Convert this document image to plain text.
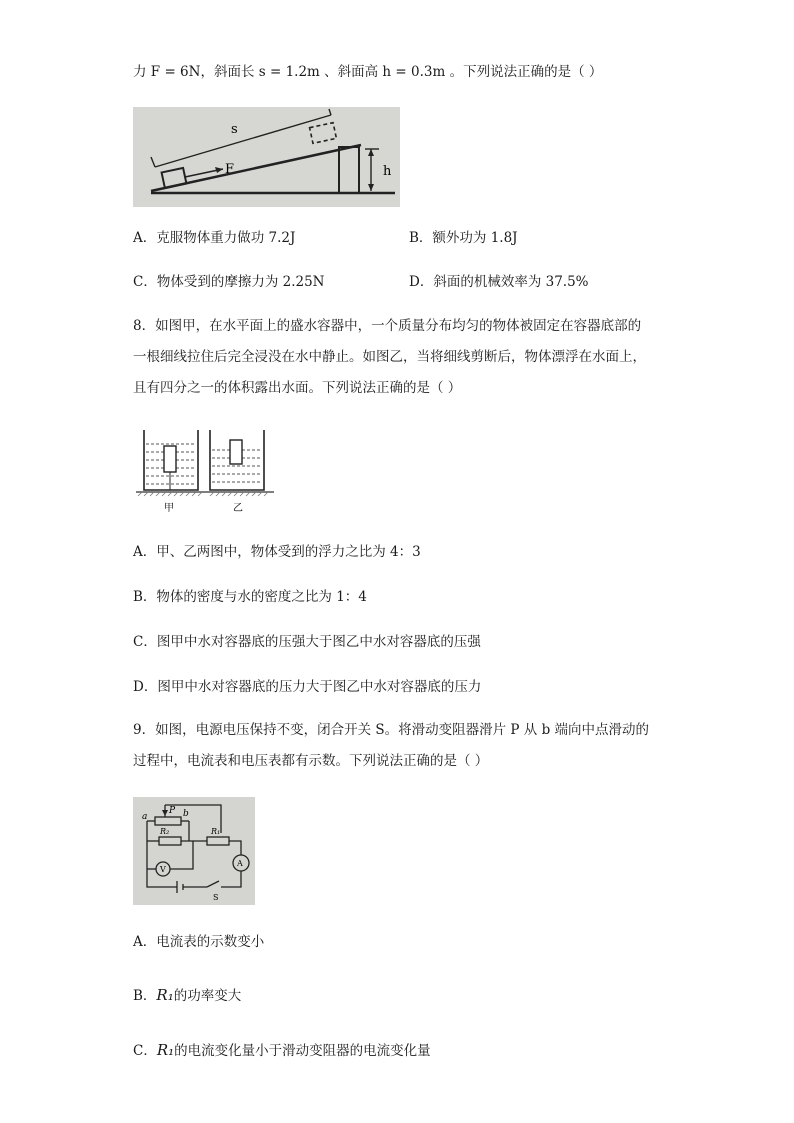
力 F = 6N，斜面长 s = 1.2m 、斜面高 h = 0.3m 。下列说法正确的是（ ）
s
F	h
A．克服物体重力做功 7.2J	B．额外功为 1.8J
C．物体受到的摩擦力为 2.25N	D．斜面的机械效率为 37.5%
8．如图甲，在水平面上的盛水容器中，一个质量分布均匀的物体被固定在容器底部的
一根细线拉住后完全浸没在水中静止。如图乙，当将细线剪断后，物体漂浮在水面上，
且有四分之一的体积露出水面。下列说法正确的是（ ）
甲	乙
A．甲、乙两图中，物体受到的浮力之比为 4：3
B．物体的密度与水的密度之比为 1：4
C．图甲中水对容器底的压强大于图乙中水对容器底的压强
D．图甲中水对容器底的压力大于图乙中水对容器底的压力
9．如图，电源电压保持不变，闭合开关 S。将滑动变阻器滑片 P 从 b 端向中点滑动的
过程中，电流表和电压表都有示数。下列说法正确的是（ ）
a
P b
R₁
R₂
A
V
S
A．电流表的示数变小
B．R₁的功率变大
C．R₁的电流变化量小于滑动变阻器的电流变化量
